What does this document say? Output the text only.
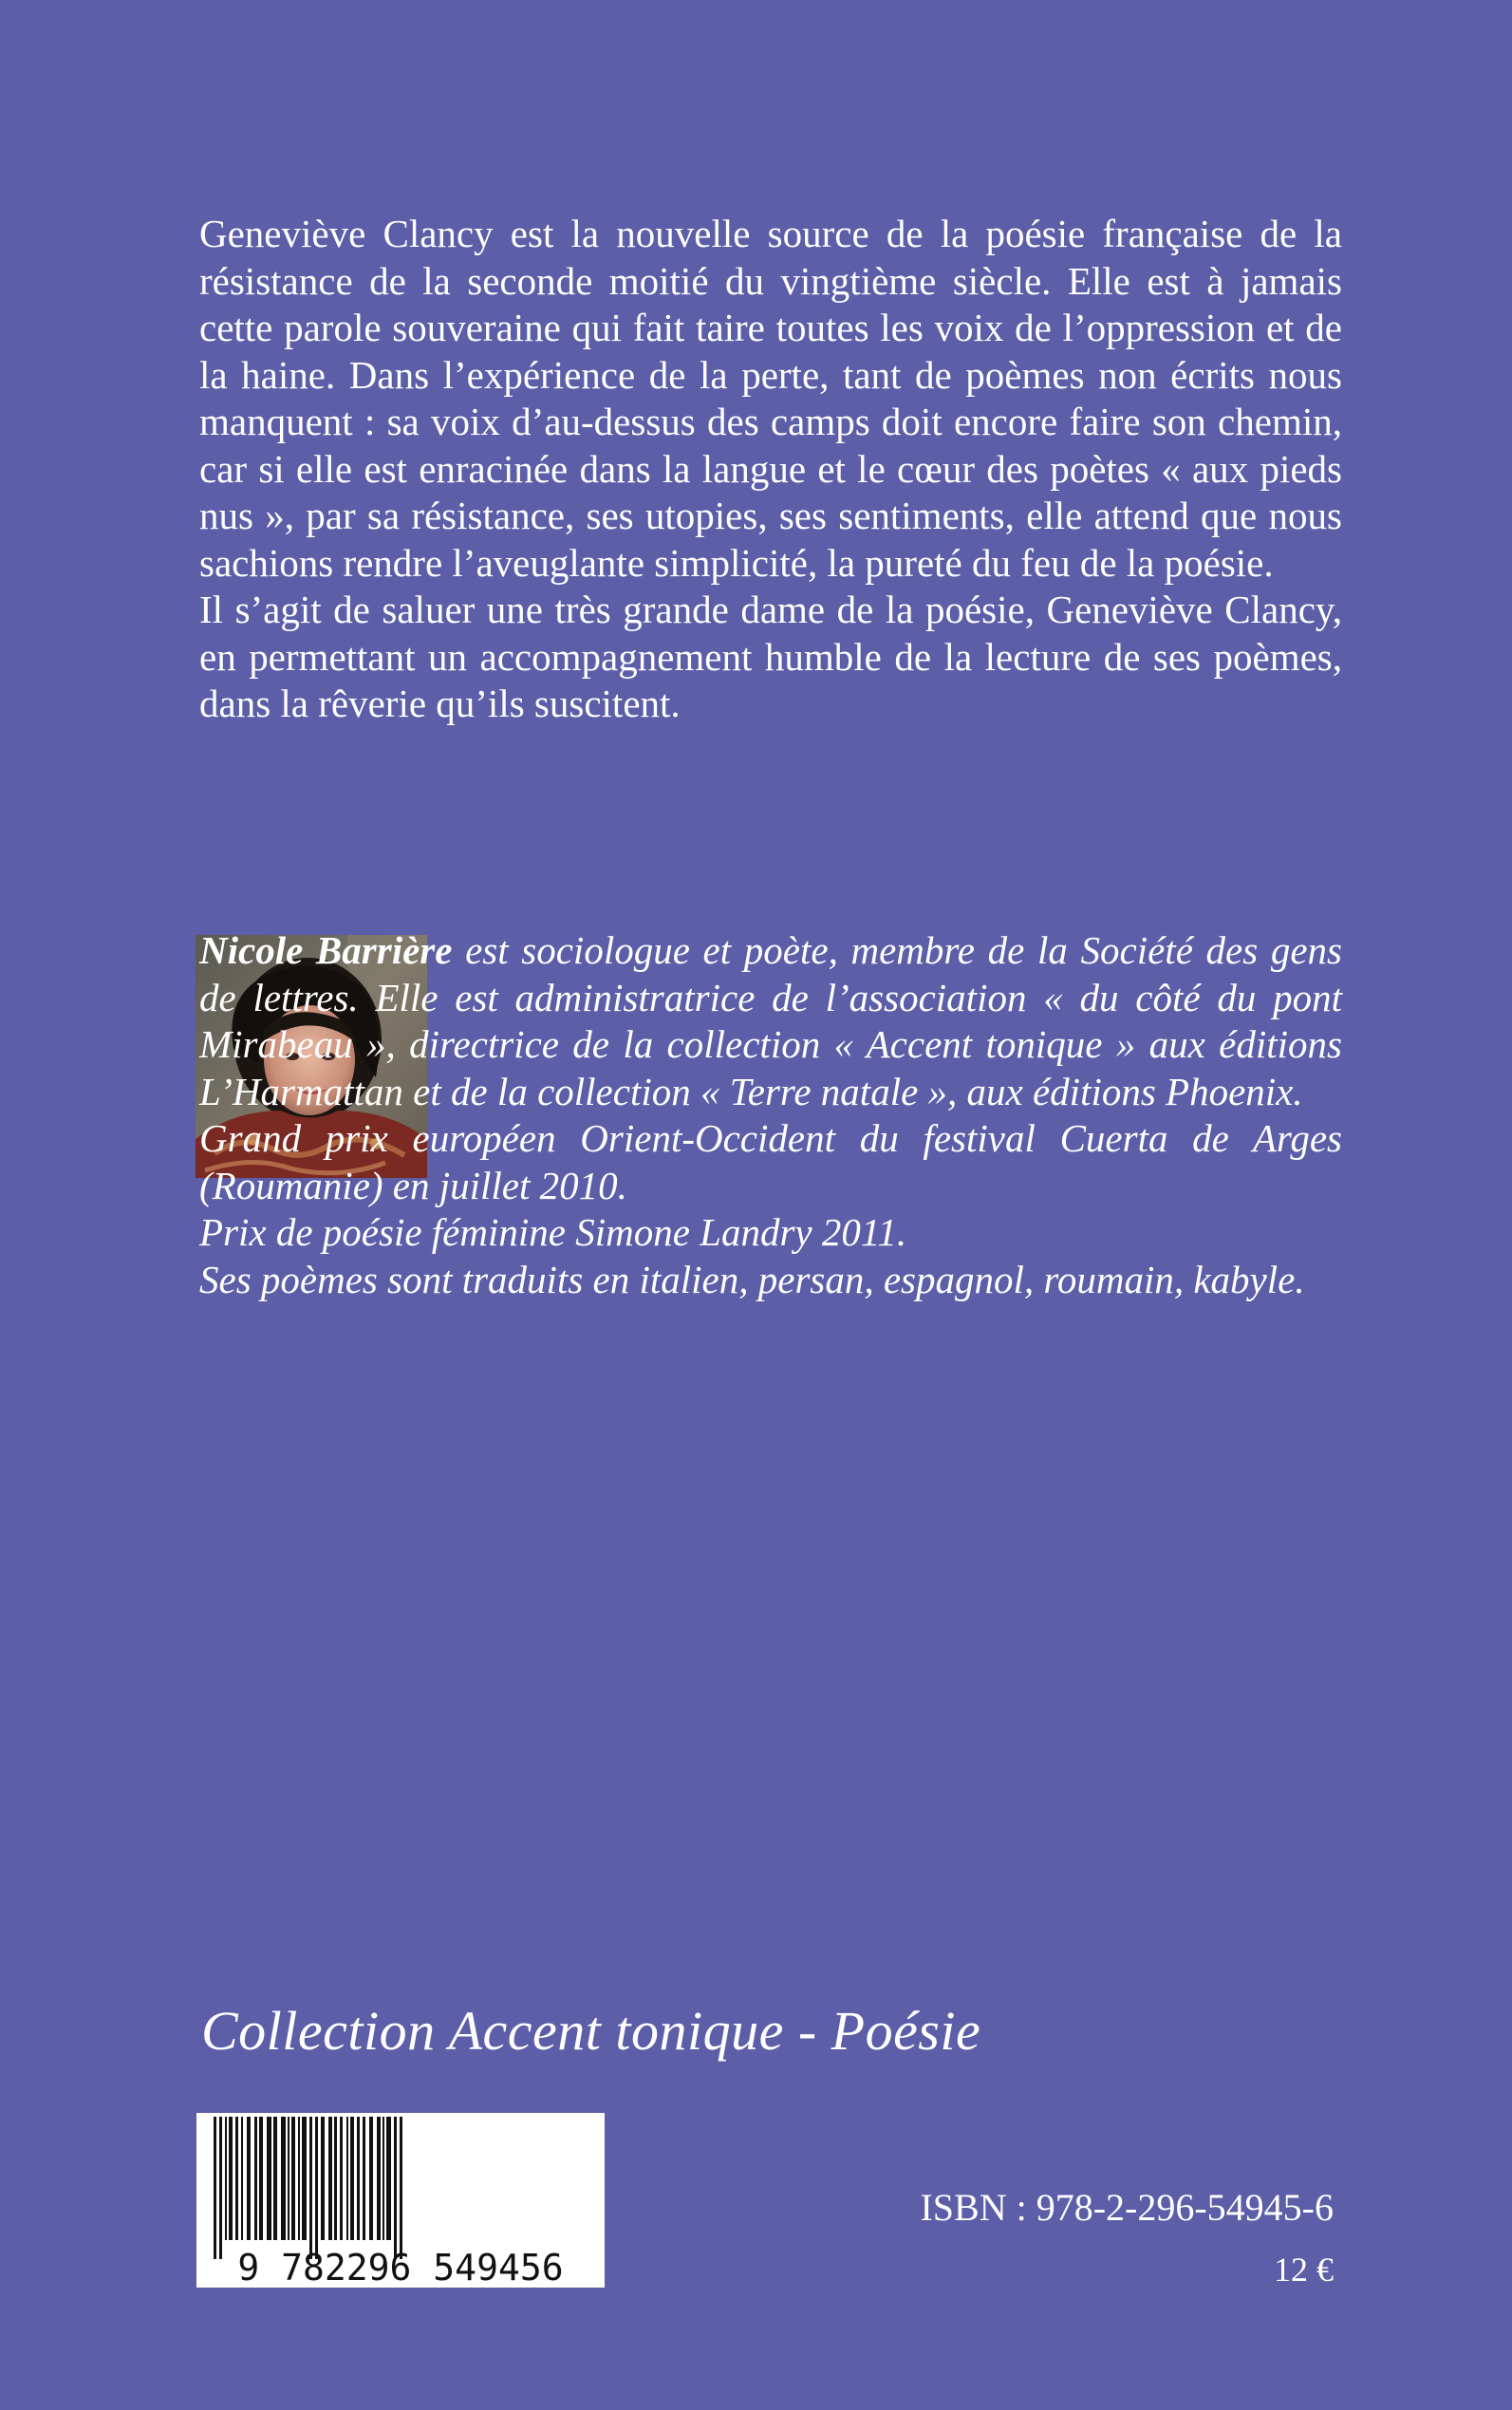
Geneviève Clancy est la nouvelle source de la poésie française de la résistance de la seconde moitié du vingtième siècle. Elle est à jamais cette parole souveraine qui fait taire toutes les voix de l’oppression et de la haine. Dans l’expérience de la perte, tant de poèmes non écrits nous manquent : sa voix d’au-dessus des camps doit encore faire son chemin, car si elle est enracinée dans la langue et le cœur des poètes « aux pieds nus », par sa résistance, ses utopies, ses sentiments, elle attend que nous sachions rendre l’aveuglante simplicité, la pureté du feu de la poésie.

Il s’agit de saluer une très grande dame de la poésie, Geneviève Clancy, en permettant un accompagnement humble de la lecture de ses poèmes, dans la rêverie qu’ils suscitent.

Nicole Barrière est sociologue et poète, membre de la Société des gens de lettres. Elle est administratrice de l’association « du côté du pont Mirabeau », directrice de la collection « Accent tonique » aux éditions L’Harmattan et de la collection « Terre natale », aux éditions Phoenix.

Grand prix européen Orient-Occident du festival Cuerta de Arges (Roumanie) en juillet 2010.

Prix de poésie féminine Simone Landry 2011.

Ses poèmes sont traduits en italien, persan, espagnol, roumain, kabyle.

Collection Accent tonique - Poésie
9 782296 549456

ISBN : 978-2-296-54945-6

12 €
